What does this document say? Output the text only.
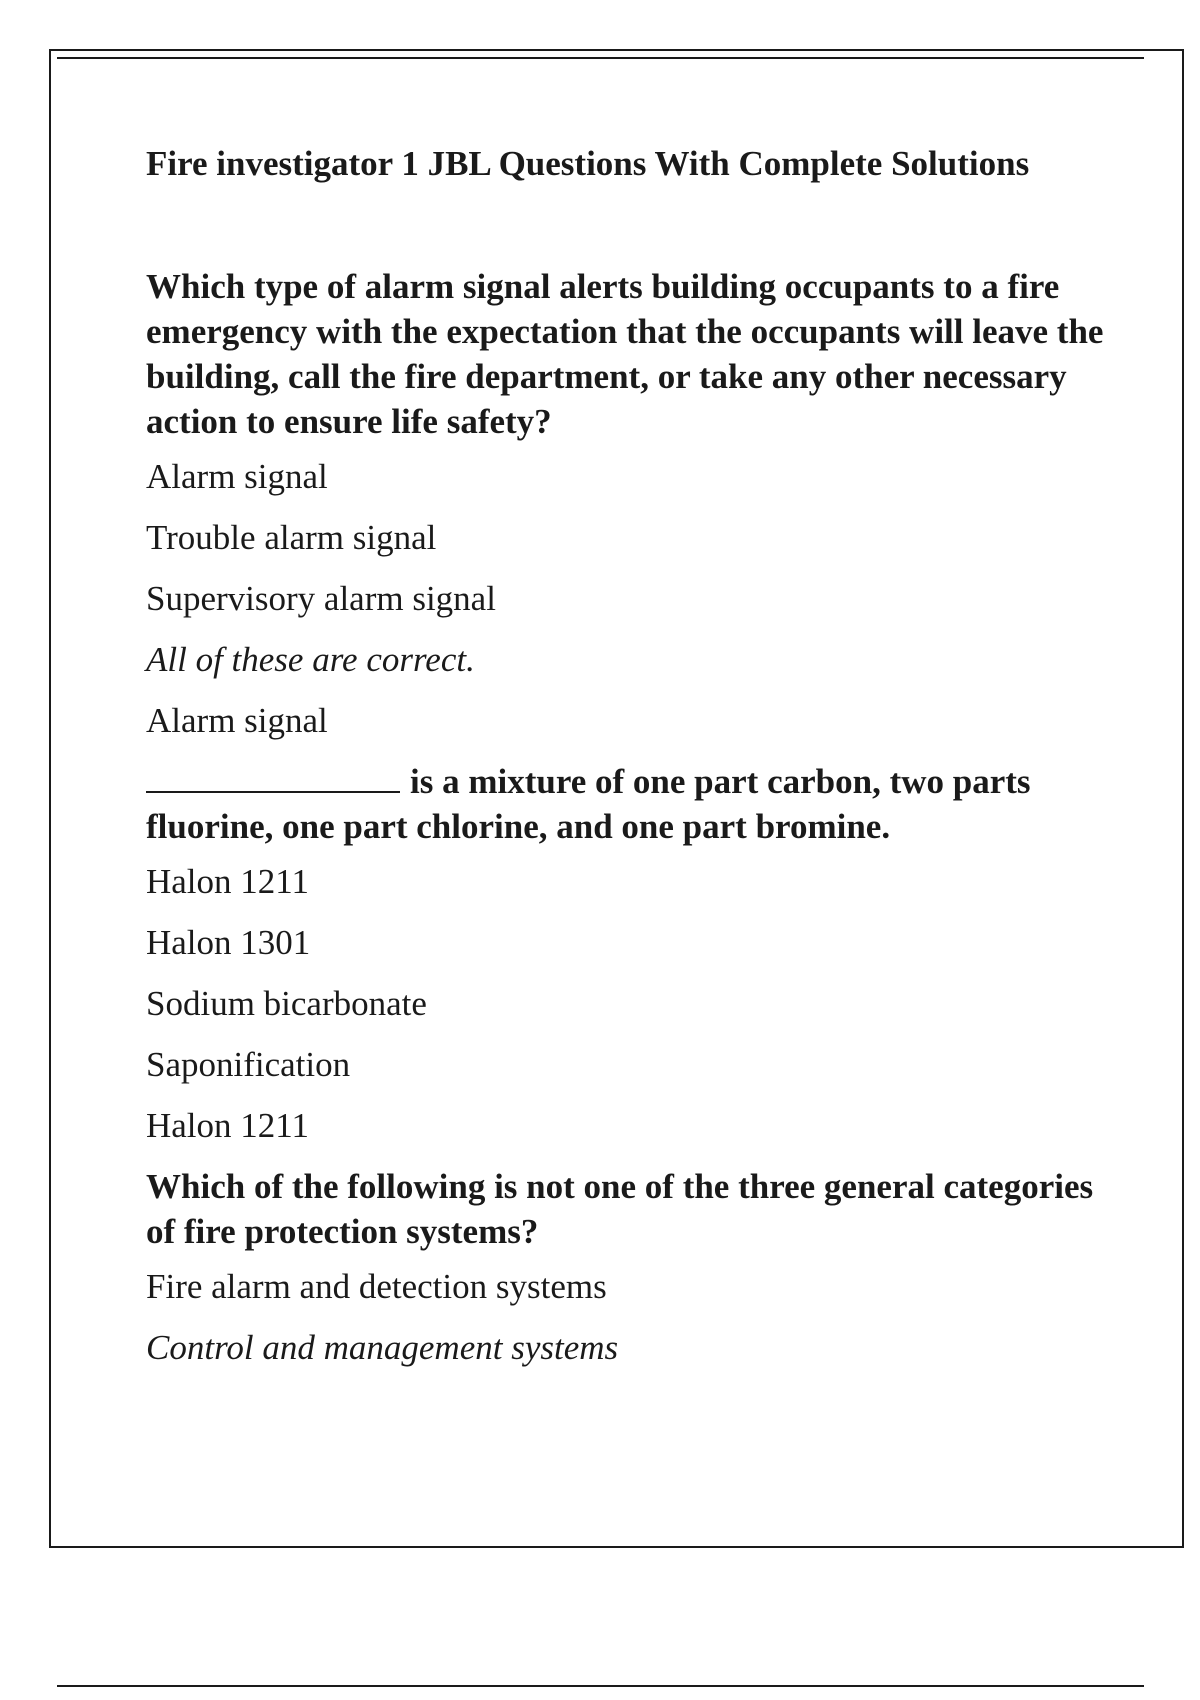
Fire investigator 1 JBL Questions With Complete Solutions

Which type of alarm signal alerts building occupants to a fire emergency with the expectation that the occupants will leave the building, call the fire department, or take any other necessary action to ensure life safety?

Alarm signal

Trouble alarm signal

Supervisory alarm signal

All of these are correct.

Alarm signal

is a mixture of one part carbon, two parts fluorine, one part chlorine, and one part bromine.

Halon 1211

Halon 1301

Sodium bicarbonate

Saponification

Halon 1211

Which of the following is not one of the three general categories of fire protection systems?

Fire alarm and detection systems

Control and management systems
